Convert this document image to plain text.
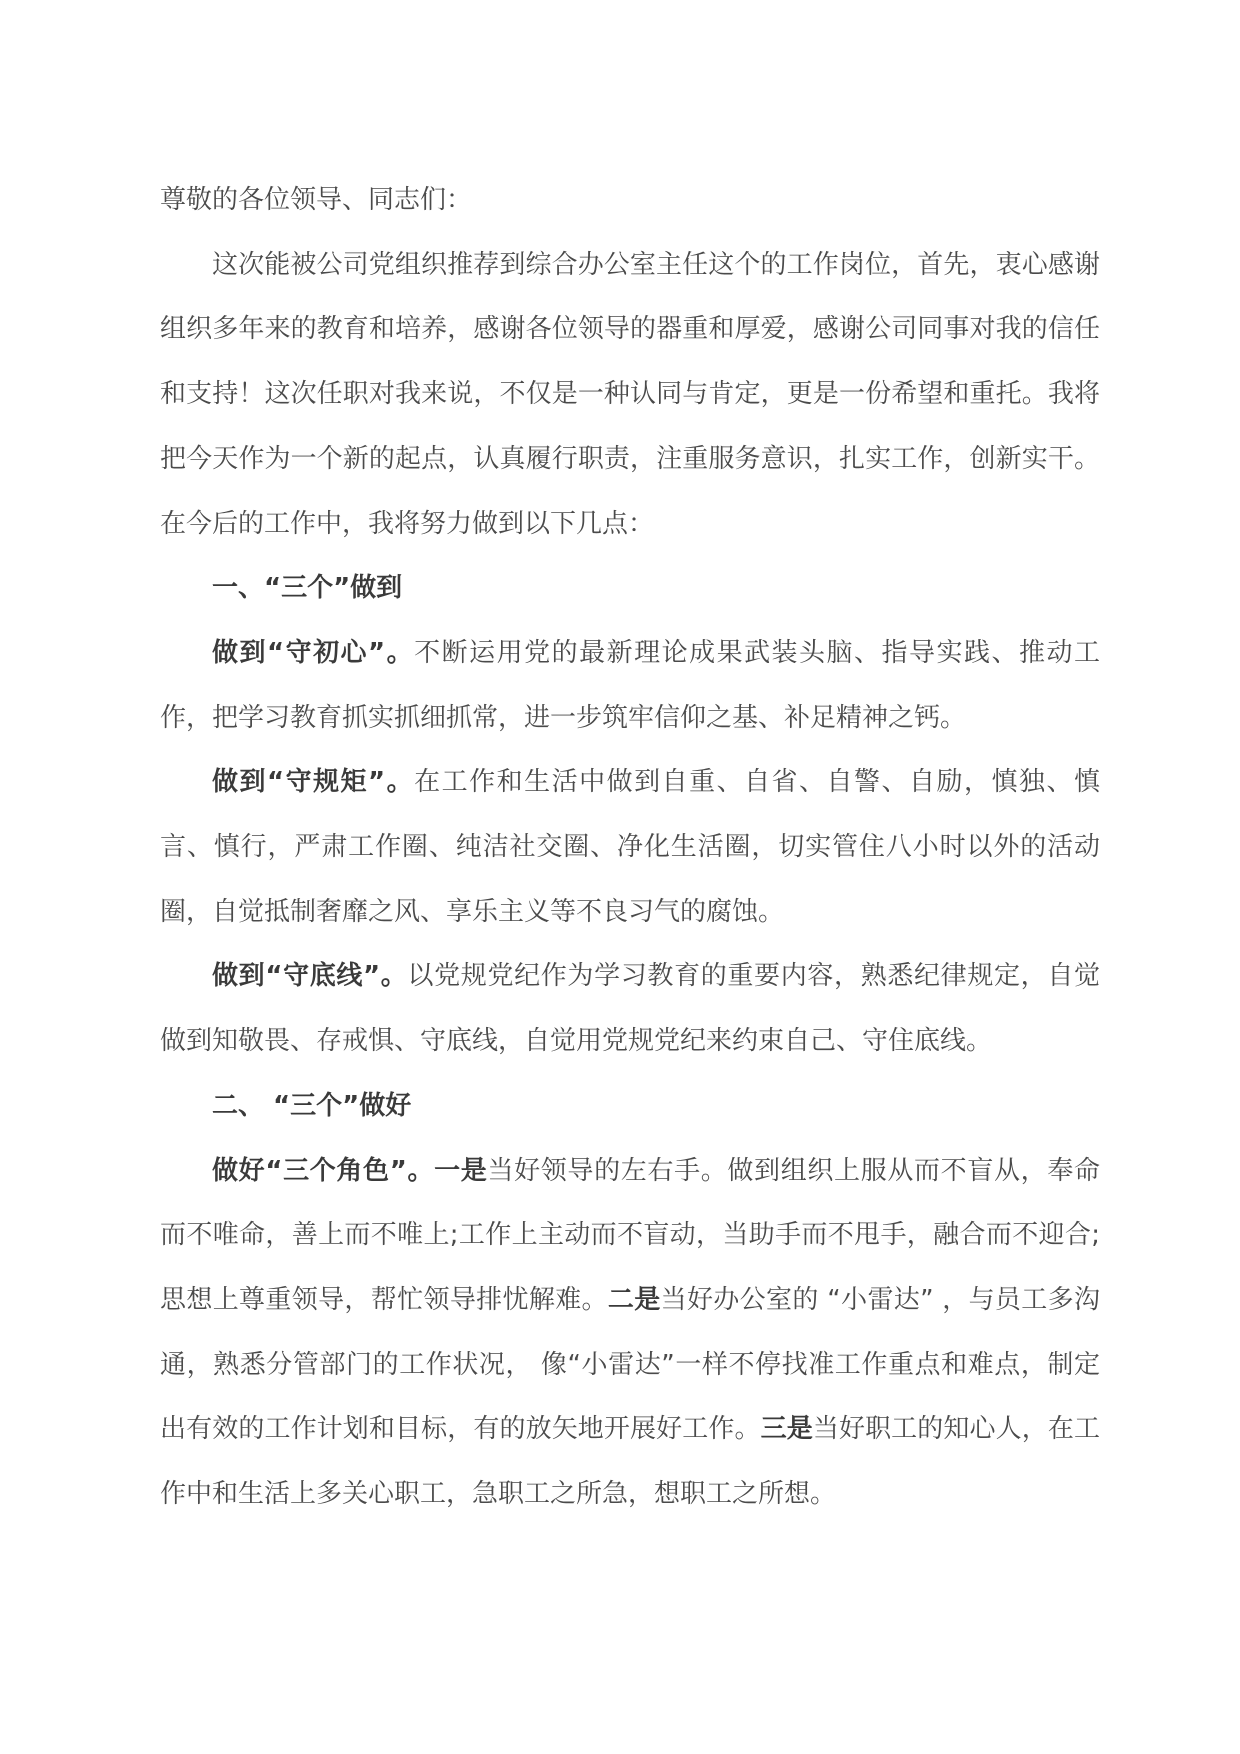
尊敬的各位领导、同志们：

这次能被公司党组织推荐到综合办公室主任这个的工作岗位，首先，衷心感谢组织多年来的教育和培养，感谢各位领导的器重和厚爱，感谢公司同事对我的信任和支持！这次任职对我来说，不仅是一种认同与肯定，更是一份希望和重托。我将把今天作为一个新的起点，认真履行职责，注重服务意识，扎实工作，创新实干。在今后的工作中，我将努力做到以下几点：

一、“三个”做到

做到“守初心”。不断运用党的最新理论成果武装头脑、指导实践、推动工作，把学习教育抓实抓细抓常，进一步筑牢信仰之基、补足精神之钙。

做到“守规矩”。在工作和生活中做到自重、自省、自警、自励，慎独、慎言、慎行，严肃工作圈、纯洁社交圈、净化生活圈，切实管住八小时以外的活动圈，自觉抵制奢靡之风、享乐主义等不良习气的腐蚀。

做到“守底线”。以党规党纪作为学习教育的重要内容，熟悉纪律规定，自觉做到知敬畏、存戒惧、守底线，自觉用党规党纪来约束自己、守住底线。

二、 “三个”做好

做好“三个角色”。一是当好领导的左右手。做到组织上服从而不盲从，奉命而不唯命，善上而不唯上;工作上主动而不盲动，当助手而不甩手，融合而不迎合;思想上尊重领导，帮忙领导排忧解难。二是当好办公室的 “小雷达” ，与员工多沟通，熟悉分管部门的工作状况， 像“小雷达”一样不停找准工作重点和难点，制定出有效的工作计划和目标，有的放矢地开展好工作。三是当好职工的知心人，在工作中和生活上多关心职工，急职工之所急，想职工之所想。
